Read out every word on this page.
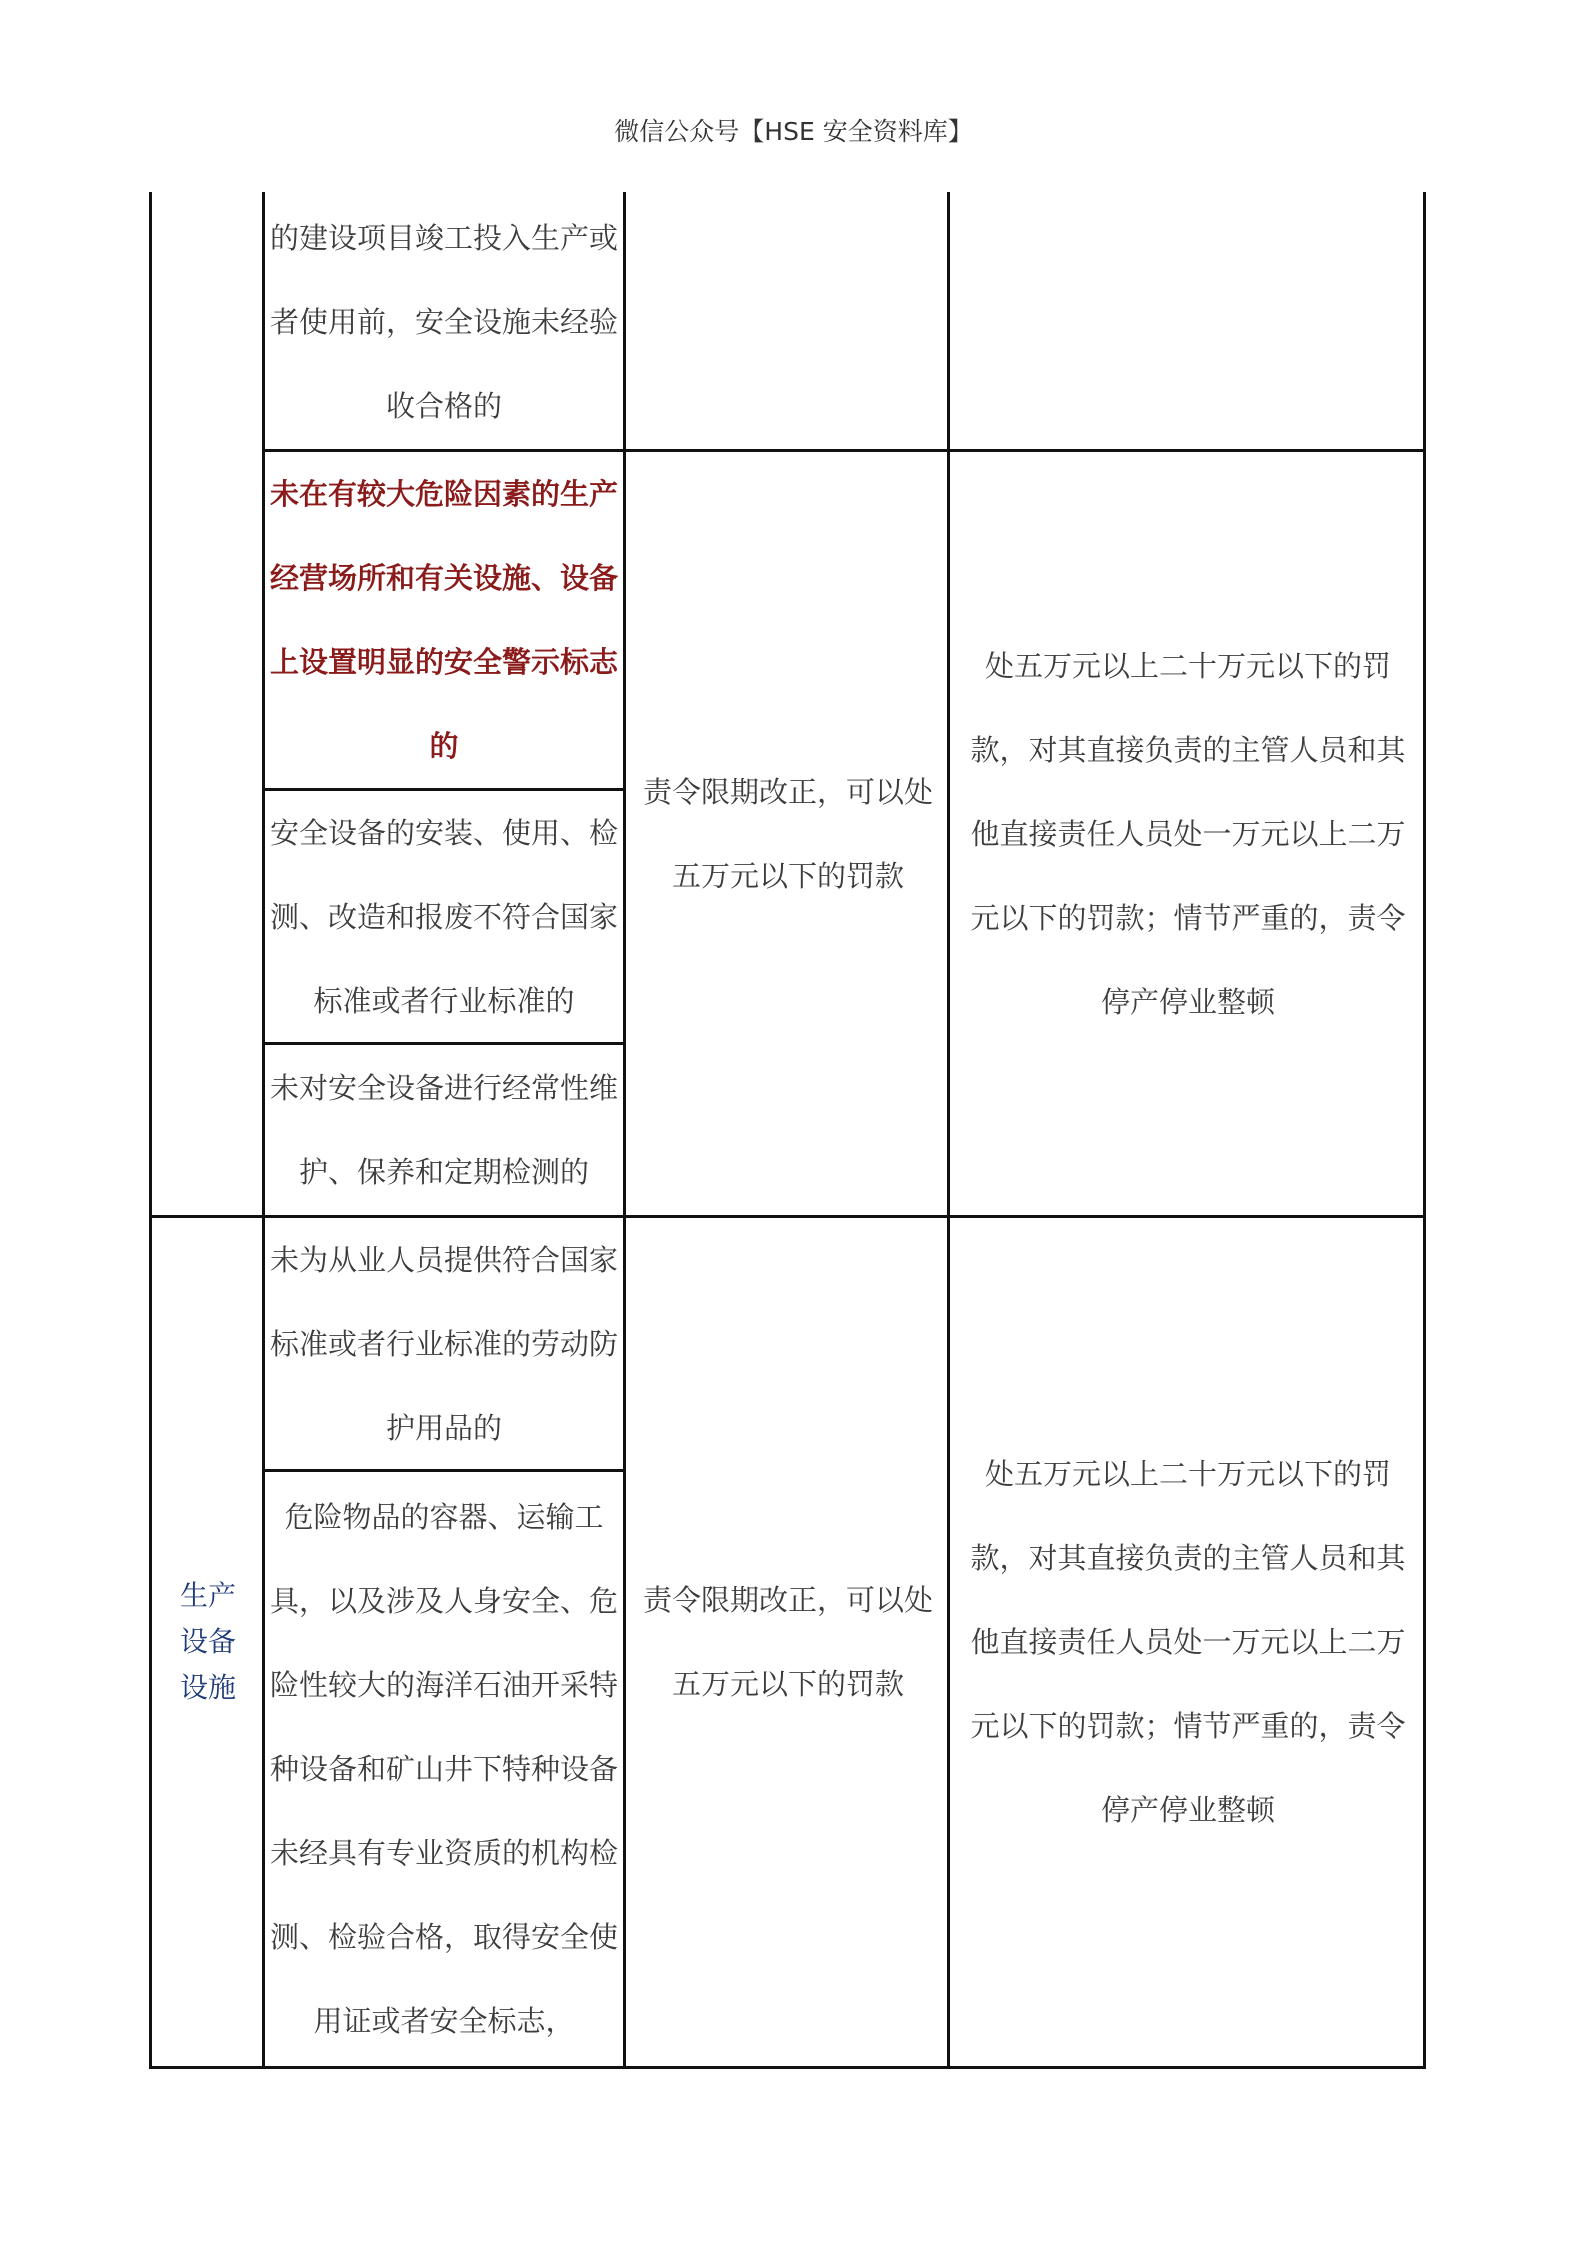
微信公众号【HSE 安全资料库】
的建设项目竣工投入生产或者使用前，安全设施未经验收合格的
未在有较大危险因素的生产经营场所和有关设施、设备上设置明显的安全警示标志的
安全设备的安装、使用、检测、改造和报废不符合国家标准或者行业标准的
未对安全设备进行经常性维护、保养和定期检测的
责令限期改正，可以处五万元以下的罚款
处五万元以上二十万元以下的罚款，对其直接负责的主管人员和其他直接责任人员处一万元以上二万元以下的罚款；情节严重的，责令停产停业整顿
生产设备设施
未为从业人员提供符合国家标准或者行业标准的劳动防护用品的
危险物品的容器、运输工具，以及涉及人身安全、危险性较大的海洋石油开采特种设备和矿山井下特种设备未经具有专业资质的机构检测、检验合格，取得安全使用证或者安全标志，
责令限期改正，可以处五万元以下的罚款
处五万元以上二十万元以下的罚款，对其直接负责的主管人员和其他直接责任人员处一万元以上二万元以下的罚款；情节严重的，责令停产停业整顿
